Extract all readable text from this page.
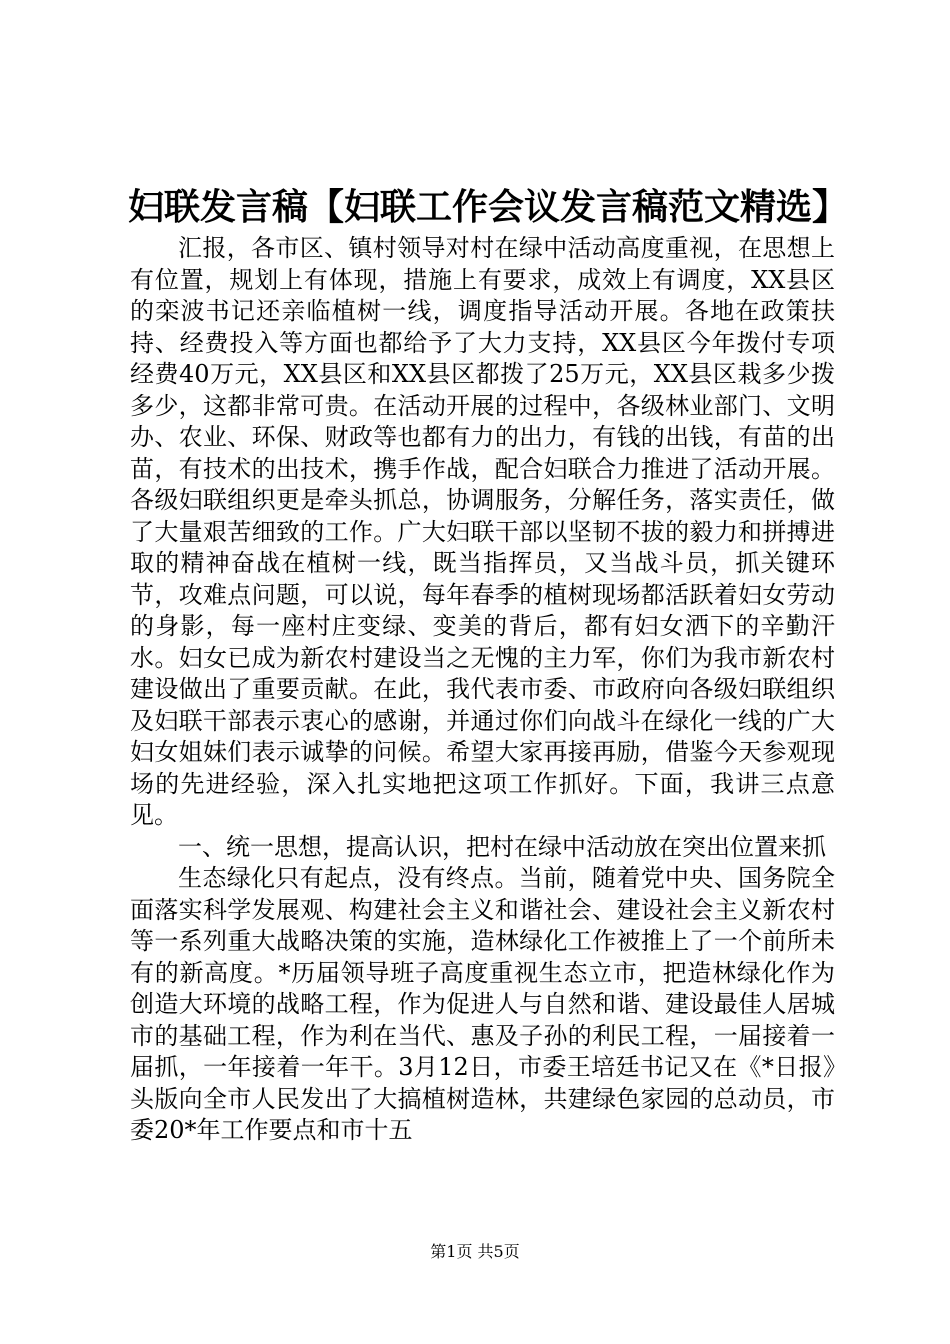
妇联发言稿【妇联工作会议发言稿范文精选】

汇报，各市区、镇村领导对村在绿中活动高度重视，在思想上有位置，规划上有体现，措施上有要求，成效上有调度，XX县区的栾波书记还亲临植树一线，调度指导活动开展。各地在政策扶持、经费投入等方面也都给予了大力支持，XX县区今年拨付专项经费40万元，XX县区和XX县区都拨了25万元，XX县区栽多少拨多少，这都非常可贵。在活动开展的过程中，各级林业部门、文明办、农业、环保、财政等也都有力的出力，有钱的出钱，有苗的出苗，有技术的出技术，携手作战，配合妇联合力推进了活动开展。各级妇联组织更是牵头抓总，协调服务，分解任务，落实责任，做了大量艰苦细致的工作。广大妇联干部以坚韧不拔的毅力和拼搏进取的精神奋战在植树一线，既当指挥员，又当战斗员，抓关键环节，攻难点问题，可以说，每年春季的植树现场都活跃着妇女劳动的身影，每一座村庄变绿、变美的背后，都有妇女洒下的辛勤汗水。妇女已成为新农村建设当之无愧的主力军，你们为我市新农村建设做出了重要贡献。在此，我代表市委、市政府向各级妇联组织及妇联干部表示衷心的感谢，并通过你们向战斗在绿化一线的广大妇女姐妹们表示诚挚的问候。希望大家再接再励，借鉴今天参观现场的先进经验，深入扎实地把这项工作抓好。下面，我讲三点意见。

一、统一思想，提高认识，把村在绿中活动放在突出位置来抓

生态绿化只有起点，没有终点。当前，随着党中央、国务院全面落实科学发展观、构建社会主义和谐社会、建设社会主义新农村等一系列重大战略决策的实施，造林绿化工作被推上了一个前所未有的新高度。*历届领导班子高度重视生态立市，把造林绿化作为创造大环境的战略工程，作为促进人与自然和谐、建设最佳人居城市的基础工程，作为利在当代、惠及子孙的利民工程，一届接着一届抓，一年接着一年干。3月12日，市委王培廷书记又在《*日报》头版向全市人民发出了大搞植树造林，共建绿色家园的总动员，市委20*年工作要点和市十五

第1页 共5页
